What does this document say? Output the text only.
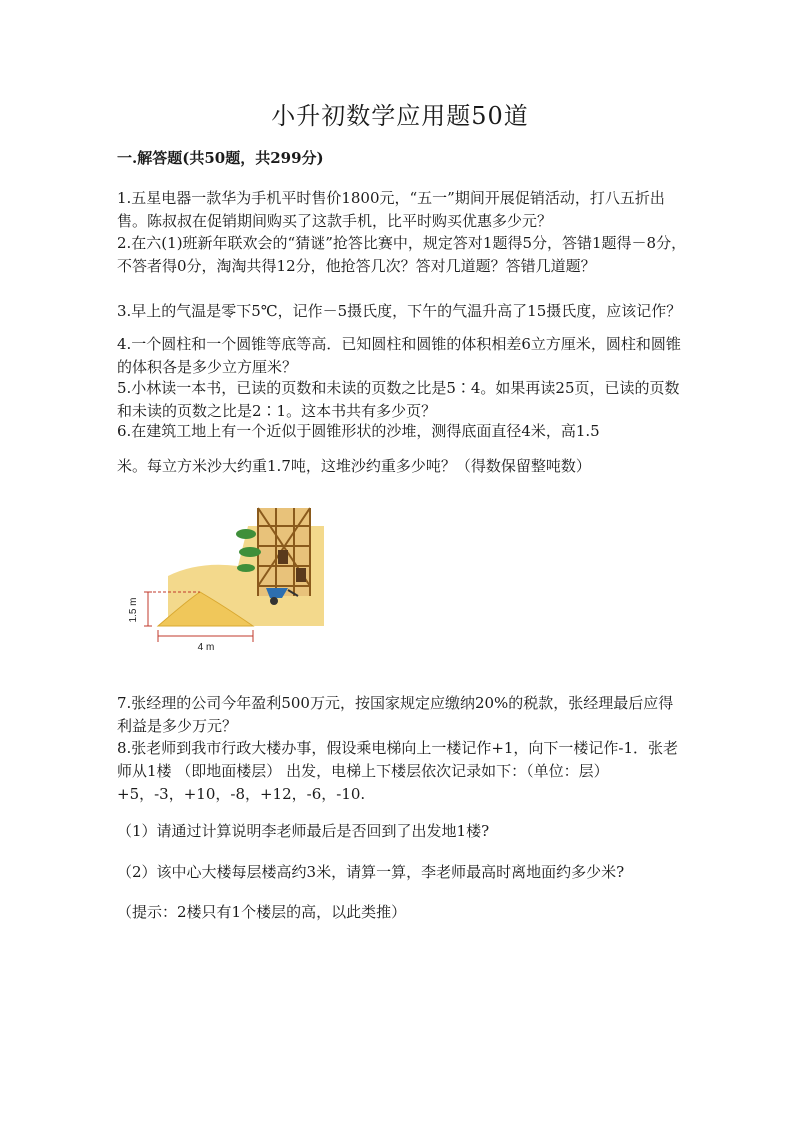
小升初数学应用题50道
一.解答题(共50题，共299分)
1.五星电器一款华为手机平时售价1800元，“五一”期间开展促销活动，打八五折出售。陈叔叔在促销期间购买了这款手机，比平时购买优惠多少元？
2.在六(1)班新年联欢会的“猜谜”抢答比赛中，规定答对1题得5分，答错1题得－8分，不答者得0分，淘淘共得12分，他抢答几次？答对几道题？答错几道题？
3.早上的气温是零下5℃，记作－5摄氏度，下午的气温升高了15摄氏度，应该记作？
4.一个圆柱和一个圆锥等底等高．已知圆柱和圆锥的体积相差6立方厘米，圆柱和圆锥的体积各是多少立方厘米？
5.小林读一本书，已读的页数和未读的页数之比是5∶4。如果再读25页，已读的页数和未读的页数之比是2∶1。这本书共有多少页？
6.在建筑工地上有一个近似于圆锥形状的沙堆，测得底面直径4米，高1.5
米。每立方米沙大约重1.7吨，这堆沙约重多少吨？（得数保留整吨数）
1.5 m
4 m
7.张经理的公司今年盈利500万元，按国家规定应缴纳20%的税款，张经理最后应得利益是多少万元？
8.张老师到我市行政大楼办事，假设乘电梯向上一楼记作+1，向下一楼记作-1．张老师从1楼 （即地面楼层） 出发，电梯上下楼层依次记录如下：（单位：层）+5，-3，+10，-8，+12，-6，-10.
（1）请通过计算说明李老师最后是否回到了出发地1楼?
（2）该中心大楼每层楼高约3米，请算一算，李老师最高时离地面约多少米?
（提示：2楼只有1个楼层的高，以此类推）
